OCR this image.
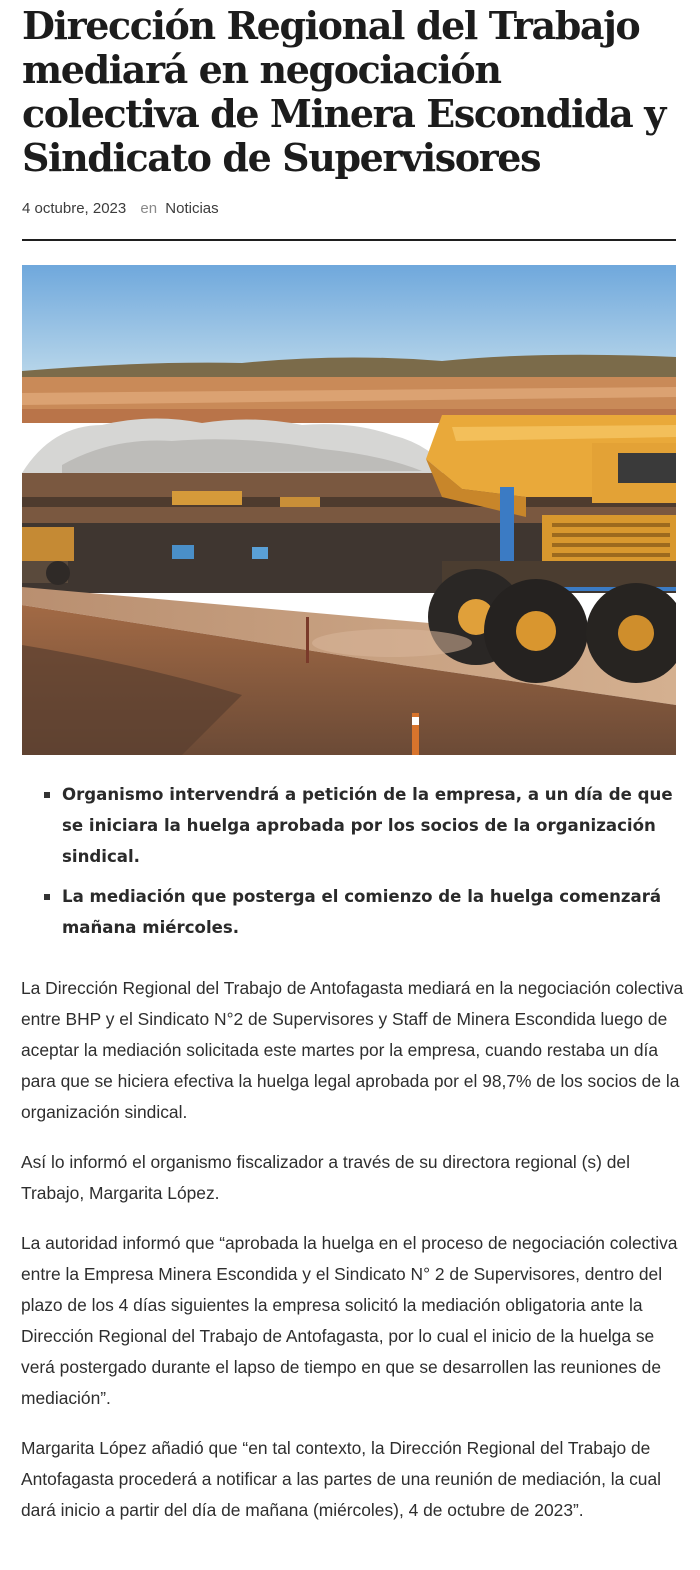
Dirección Regional del Trabajo mediará en negociación colectiva de Minera Escondida y Sindicato de Supervisores
4 octubre, 2023 en Noticias
Organismo intervendrá a petición de la empresa, a un día de que se iniciara la huelga aprobada por los socios de la organización sindical.
La mediación que posterga el comienzo de la huelga comenzará mañana miércoles.

La Dirección Regional del Trabajo de Antofagasta mediará en la negociación colectiva entre BHP y el Sindicato N°2 de Supervisores y Staff de Minera Escondida luego de aceptar la mediación solicitada este martes por la empresa, cuando restaba un día para que se hiciera efectiva la huelga legal aprobada por el 98,7% de los socios de la organización sindical.

Así lo informó el organismo fiscalizador a través de su directora regional (s) del Trabajo, Margarita López.

La autoridad informó que “aprobada la huelga en el proceso de negociación colectiva entre la Empresa Minera Escondida y el Sindicato N° 2 de Supervisores, dentro del plazo de los 4 días siguientes la empresa solicitó la mediación obligatoria ante la Dirección Regional del Trabajo de Antofagasta, por lo cual el inicio de la huelga se verá postergado durante el lapso de tiempo en que se desarrollen las reuniones de mediación”.

Margarita López añadió que “en tal contexto, la Dirección Regional del Trabajo de Antofagasta procederá a notificar a las partes de una reunión de mediación, la cual dará inicio a partir del día de mañana (miércoles), 4 de octubre de 2023”.
